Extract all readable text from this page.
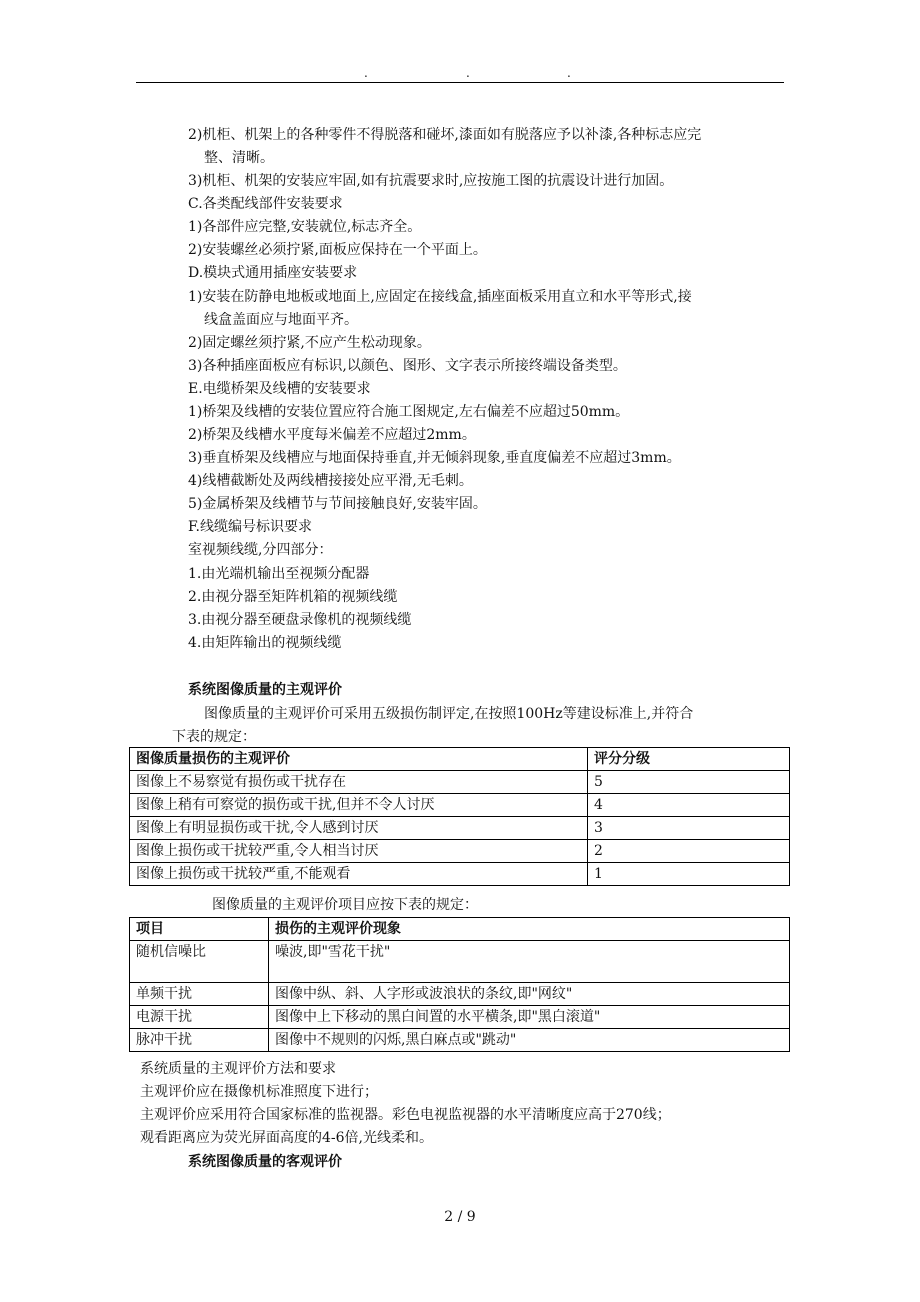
.	.	.
2)机柜、机架上的各种零件不得脱落和碰坏,漆面如有脱落应予以补漆,各种标志应完
整、清晰。
3)机柜、机架的安装应牢固,如有抗震要求时,应按施工图的抗震设计进行加固。
C.各类配线部件安装要求
1)各部件应完整,安装就位,标志齐全。
2)安装螺丝必须拧紧,面板应保持在一个平面上。
D.模块式通用插座安装要求
1)安装在防静电地板或地面上,应固定在接线盒,插座面板采用直立和水平等形式,接
线盒盖面应与地面平齐。
2)固定螺丝须拧紧,不应产生松动现象。
3)各种插座面板应有标识,以颜色、图形、文字表示所接终端设备类型。
E.电缆桥架及线槽的安装要求
1)桥架及线槽的安装位置应符合施工图规定,左右偏差不应超过50mm。
2)桥架及线槽水平度每米偏差不应超过2mm。
3)垂直桥架及线槽应与地面保持垂直,并无倾斜现象,垂直度偏差不应超过3mm。
4)线槽截断处及两线槽接接处应平滑,无毛刺。
5)金属桥架及线槽节与节间接触良好,安装牢固。
F.线缆编号标识要求
室视频线缆,分四部分：
1.由光端机输出至视频分配器
2.由视分器至矩阵机箱的视频线缆
3.由视分器至硬盘录像机的视频线缆
4.由矩阵输出的视频线缆
系统图像质量的主观评价
图像质量的主观评价可采用五级损伤制评定,在按照100Hz等建设标准上,并符合
下表的规定：
图像质量损伤的主观评价	评分分级
图像上不易察觉有损伤或干扰存在	5
图像上稍有可察觉的损伤或干扰,但并不令人讨厌	4
图像上有明显损伤或干扰,令人感到讨厌	3
图像上损伤或干扰较严重,令人相当讨厌	2
图像上损伤或干扰较严重,不能观看	1
图像质量的主观评价项目应按下表的规定：
项目	损伤的主观评价现象
随机信噪比	噪波,即"雪花干扰"
单频干扰	图像中纵、斜、人字形或波浪状的条纹,即"网纹"
电源干扰	图像中上下移动的黑白间置的水平横条,即"黑白滚道"
脉冲干扰	图像中不规则的闪烁,黑白麻点或"跳动"
系统质量的主观评价方法和要求
主观评价应在摄像机标准照度下进行；
主观评价应采用符合国家标准的监视器。彩色电视监视器的水平清晰度应高于270线；
观看距离应为荧光屏面高度的4-6倍,光线柔和。
系统图像质量的客观评价
2 / 9
